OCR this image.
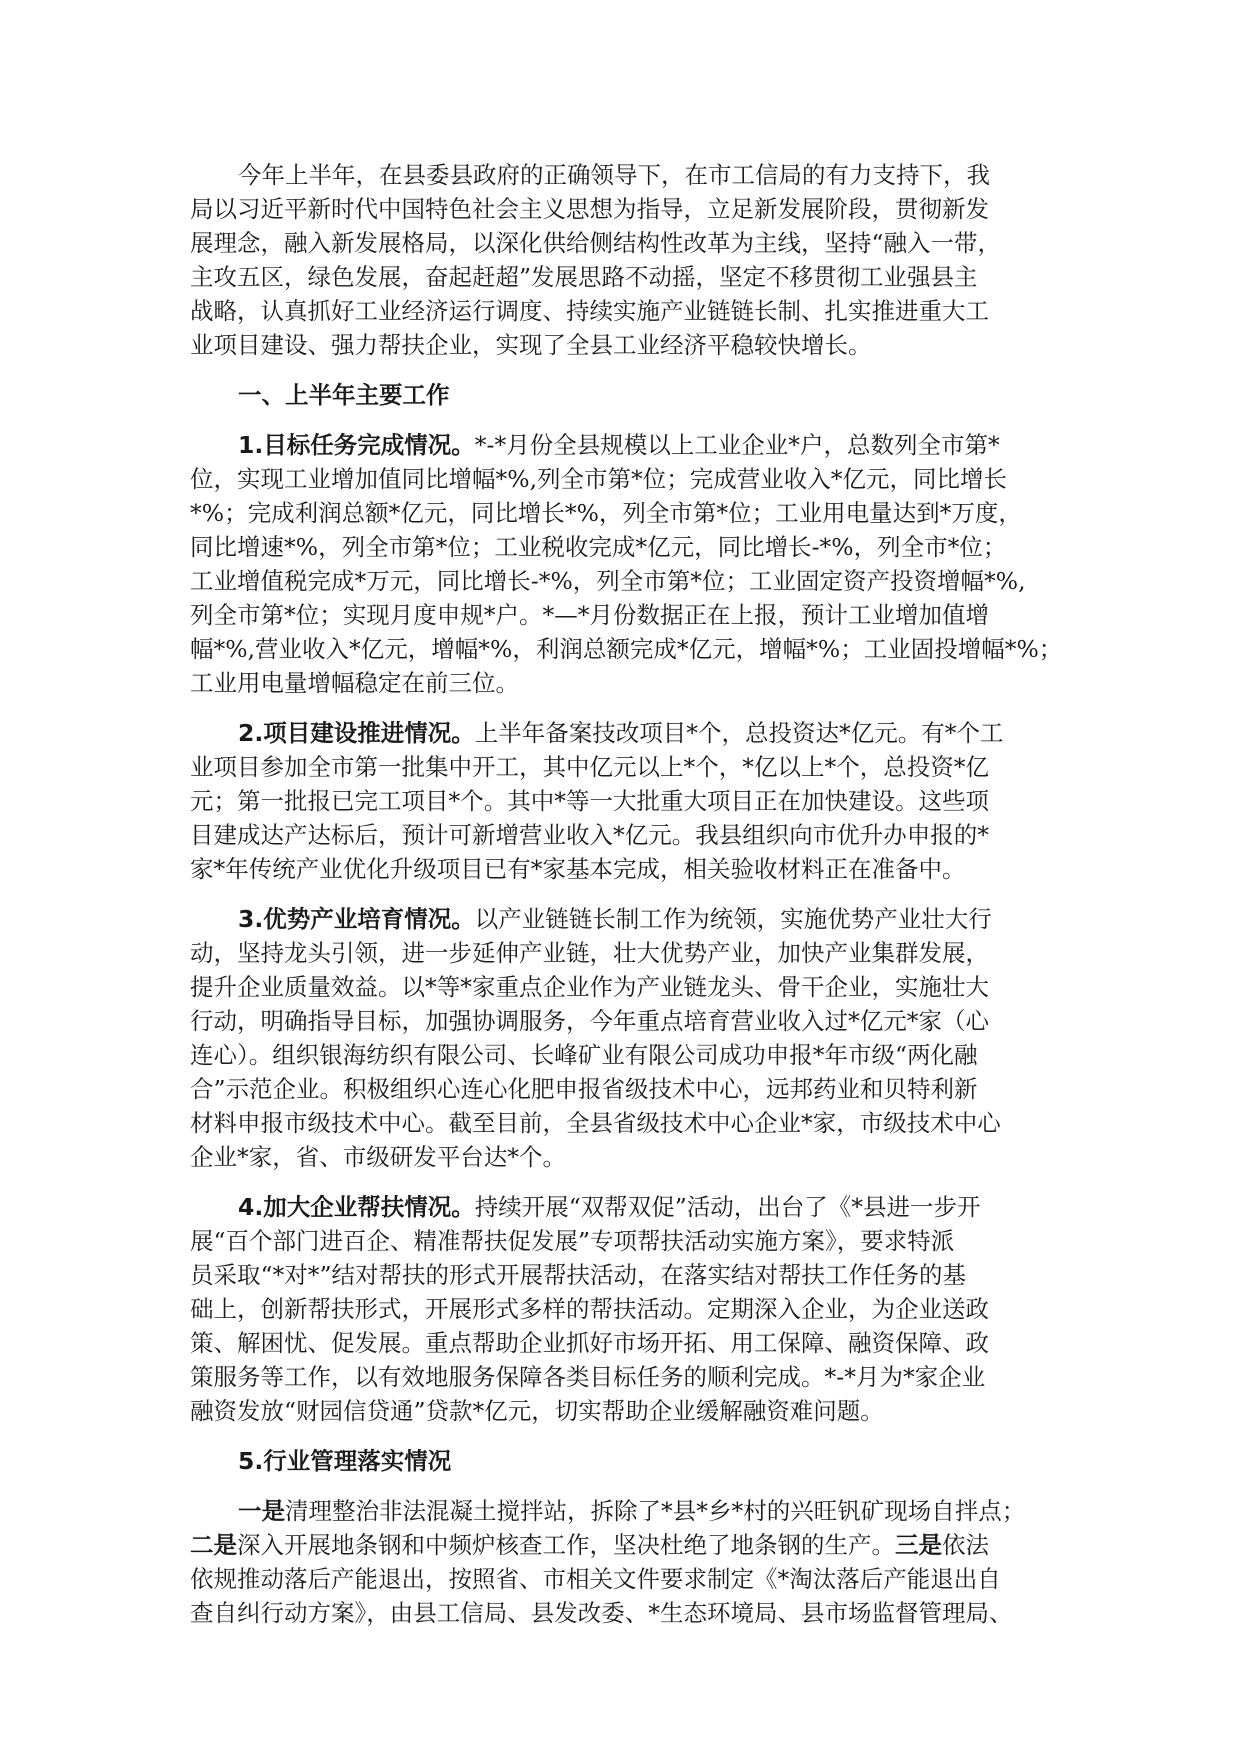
今年上半年，在县委县政府的正确领导下，在市工信局的有力支持下，我
局以习近平新时代中国特色社会主义思想为指导，立足新发展阶段，贯彻新发
展理念，融入新发展格局，以深化供给侧结构性改革为主线，坚持“融入一带，
主攻五区，绿色发展，奋起赶超”发展思路不动摇，坚定不移贯彻工业强县主
战略，认真抓好工业经济运行调度、持续实施产业链链长制、扎实推进重大工
业项目建设、强力帮扶企业，实现了全县工业经济平稳较快增长。

一、上半年主要工作

1.目标任务完成情况。*-*月份全县规模以上工业企业*户，总数列全市第*
位，实现工业增加值同比增幅*%,列全市第*位；完成营业收入*亿元，同比增长
*%；完成利润总额*亿元，同比增长*%，列全市第*位；工业用电量达到*万度，
同比增速*%，列全市第*位；工业税收完成*亿元，同比增长-*%，列全市*位；
工业增值税完成*万元，同比增长-*%，列全市第*位；工业固定资产投资增幅*%,
列全市第*位；实现月度申规*户。*—*月份数据正在上报，预计工业增加值增
幅*%,营业收入*亿元，增幅*%，利润总额完成*亿元，增幅*%；工业固投增幅*%；
工业用电量增幅稳定在前三位。

2.项目建设推进情况。上半年备案技改项目*个，总投资达*亿元。有*个工
业项目参加全市第一批集中开工，其中亿元以上*个，*亿以上*个，总投资*亿
元；第一批报已完工项目*个。其中*等一大批重大项目正在加快建设。这些项
目建成达产达标后，预计可新增营业收入*亿元。我县组织向市优升办申报的*
家*年传统产业优化升级项目已有*家基本完成，相关验收材料正在准备中。

3.优势产业培育情况。以产业链链长制工作为统领，实施优势产业壮大行
动，坚持龙头引领，进一步延伸产业链，壮大优势产业，加快产业集群发展，
提升企业质量效益。以*等*家重点企业作为产业链龙头、骨干企业，实施壮大
行动，明确指导目标，加强协调服务，今年重点培育营业收入过*亿元*家（心
连心）。组织银海纺织有限公司、长峰矿业有限公司成功申报*年市级“两化融
合”示范企业。积极组织心连心化肥申报省级技术中心，远邦药业和贝特利新
材料申报市级技术中心。截至目前，全县省级技术中心企业*家，市级技术中心
企业*家，省、市级研发平台达*个。

4.加大企业帮扶情况。持续开展“双帮双促”活动，出台了《*县进一步开
展“百个部门进百企、精准帮扶促发展”专项帮扶活动实施方案》，要求特派
员采取“*对*”结对帮扶的形式开展帮扶活动，在落实结对帮扶工作任务的基
础上，创新帮扶形式，开展形式多样的帮扶活动。定期深入企业，为企业送政
策、解困忧、促发展。重点帮助企业抓好市场开拓、用工保障、融资保障、政
策服务等工作，以有效地服务保障各类目标任务的顺利完成。*-*月为*家企业
融资发放“财园信贷通”贷款*亿元，切实帮助企业缓解融资难问题。

5.行业管理落实情况

一是清理整治非法混凝土搅拌站，拆除了*县*乡*村的兴旺钒矿现场自拌点；
二是深入开展地条钢和中频炉核查工作，坚决杜绝了地条钢的生产。三是依法
依规推动落后产能退出，按照省、市相关文件要求制定《*淘汰落后产能退出自
查自纠行动方案》，由县工信局、县发改委、*生态环境局、县市场监督管理局、
